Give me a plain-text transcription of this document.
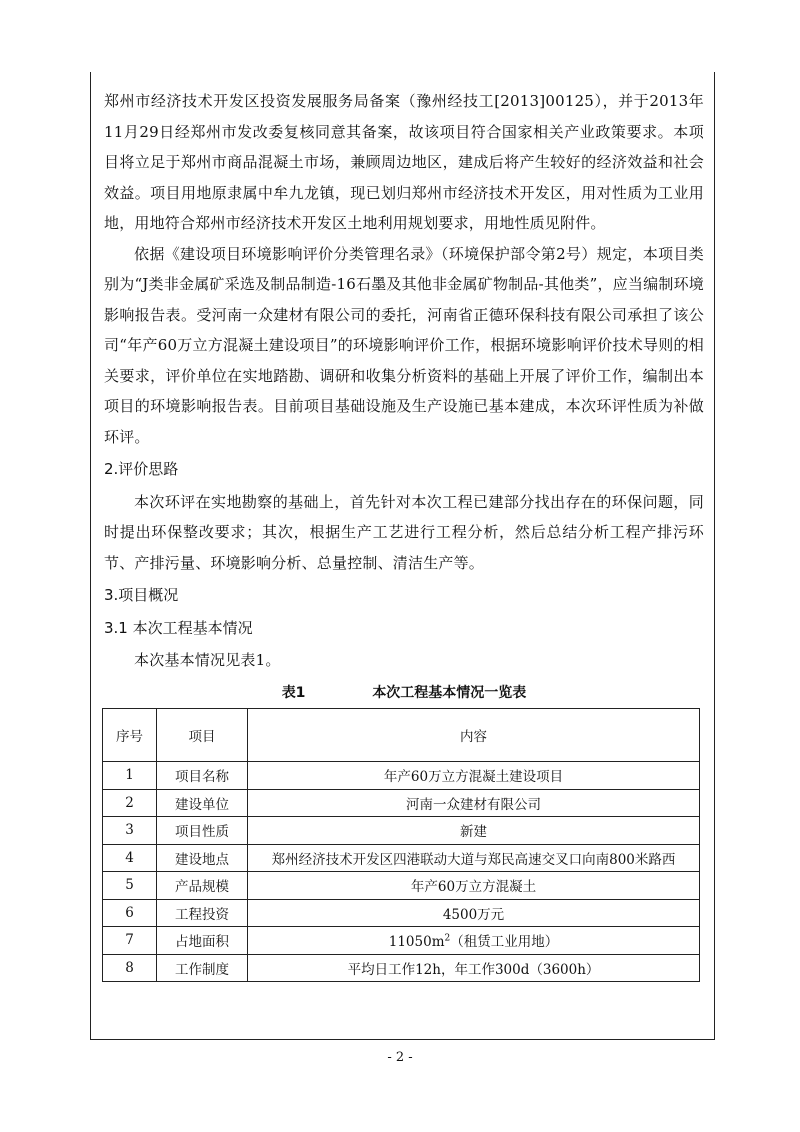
郑州市经济技术开发区投资发展服务局备案（豫州经技工[2013]00125），并于2013年11月29日经郑州市发改委复核同意其备案，故该项目符合国家相关产业政策要求。本项目将立足于郑州市商品混凝土市场，兼顾周边地区，建成后将产生较好的经济效益和社会效益。项目用地原隶属中牟九龙镇，现已划归郑州市经济技术开发区，用对性质为工业用地，用地符合郑州市经济技术开发区土地利用规划要求，用地性质见附件。

依据《建设项目环境影响评价分类管理名录》（环境保护部令第2号）规定，本项目类别为“J类非金属矿采选及制品制造-16石墨及其他非金属矿物制品-其他类”，应当编制环境影响报告表。受河南一众建材有限公司的委托，河南省正德环保科技有限公司承担了该公司“年产60万立方混凝土建设项目”的环境影响评价工作，根据环境影响评价技术导则的相关要求，评价单位在实地踏勘、调研和收集分析资料的基础上开展了评价工作，编制出本项目的环境影响报告表。目前项目基础设施及生产设施已基本建成，本次环评性质为补做环评。

2.评价思路

本次环评在实地勘察的基础上，首先针对本次工程已建部分找出存在的环保问题，同时提出环保整改要求；其次，根据生产工艺进行工程分析，然后总结分析工程产排污环节、产排污量、环境影响分析、总量控制、清洁生产等。

3.项目概况
3.1 本次工程基本情况

本次基本情况见表1。

表1	本次工程基本情况一览表
序号	项目	内容
1	项目名称	年产60万立方混凝土建设项目
2	建设单位	河南一众建材有限公司
3	项目性质	新建
4	建设地点	郑州经济技术开发区四港联动大道与郑民高速交叉口向南800米路西
5	产品规模	年产60万立方混凝土
6	工程投资	4500万元
7	占地面积	$11050m^2$（租赁工业用地）
8	工作制度	平均日工作12h，年工作300d（3600h）
- 2 -
